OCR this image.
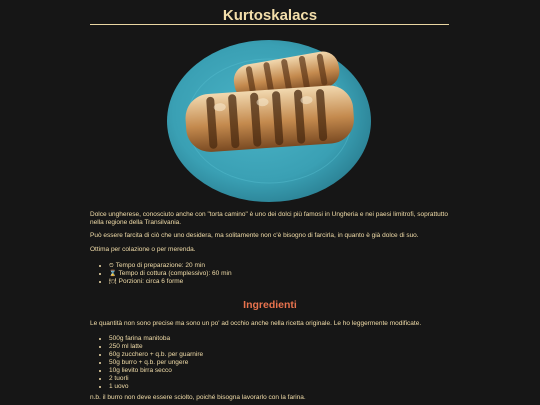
Kurtoskalacs

Dolce ungherese, conosciuto anche con "torta camino" è uno dei dolci più famosi in Ungheria e nei paesi limitrofi, soprattutto nella regione della Transilvania.

Può essere farcita di ciò che uno desidera, ma solitamente non c'è bisogno di farcirla, in quanto è già dolce di suo.

Ottima per colazione o per merenda.

• ⏲ Tempo di preparazione: 20 min
• ⌛ Tempo di cottura (complessivo): 60 min
• 🍽 Porzioni: circa 6 forme
Ingredienti

Le quantità non sono precise ma sono un po' ad occhio anche nella ricetta originale. Le ho leggermente modificate.

• 500g farina manitoba
• 250 ml latte
• 60g zucchero + q.b. per guarnire
• 50g burro + q.b. per ungere
• 10g lievito birra secco
• 2 tuorli
• 1 uovo

n.b. il burro non deve essere sciolto, poiché bisogna lavorarlo con la farina.
